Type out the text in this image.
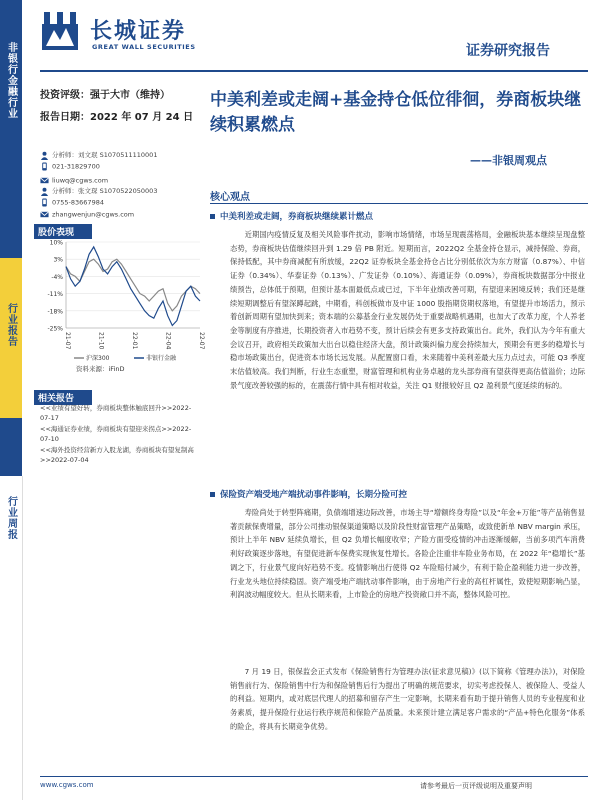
非银行金融行业
行业报告
行业周报
长城证券
GREAT WALL SECURITIES	证券研究报告
投资评级：强于大市（维持）
报告日期：2022 年 07 月 24 日
分析师：刘文珉 S1070511110001
021-31829700
liuwq@cgws.com
分析师：张文琛 S1070522050003
0755-83667984
zhangwenjun@cgws.com
股价表现
10%
3%
-4%
-11%
-18%
-25%
21-07	21-10	22-01	22-04	22-07
沪深300	非银行金融
资料来源：iFinD
相关报告
<<业绩有望好转，券商板块整体触底回升>>2022-07-17
<<海通证券业绩，券商板块有望迎来拐点>>2022-07-10
<<海外投资经营新方入股龙湖，券商板块有望复制高>>2022-07-04
中美利差或走阔+基金持仓低位徘徊，券商板块继续积累燃点
——非银周观点
核心观点
中美利差或走阔，券商板块继续累计燃点
近期国内疫情反复及相关风险事件扰动，影响市场情绪，市场呈现震荡格局，金融板块基本继续呈现盘整态势，券商板块估值继续回升到 1.29 倍 PB 附近。短期而言，2022Q2 全基金持仓显示，减持保险、券商，保持低配，其中券商减配有所放缓，22Q2 证券板块全基金持仓占比分别低依次为东方财富（0.87%）、中信证券（0.34%）、华泰证券（0.13%）、广发证券（0.10%）、海通证券（0.09%），券商板块数据部分中报业绩预告，总体低于预期，但预计基本面最低点或已过，下半年业绩改善可期，有望迎来困境反转；我们还是继续短期调整后有望深蹲起跳，中期看，科创板做市及中证 1000 股指期货期权落地，有望提升市场活力，预示着创新周期有望加快到来；资本端的公募基金行业发展仍处于重要战略机遇期，也加大了改革力度，个人养老金等制度有序推进，长期投资者入市趋势不变，预计后续会有更多支持政策出台。此外，我们认为今年有重大会议召开，政府相关政策加大出台以稳住经济大盘，预计政策纠偏力度会持续加大，预期会有更多的稳增长与稳市场政策出台，促进资本市场长远发展。从配置窗口看，未来随着中美利差最大压力点过去，可能 Q3 季度末估值较高。我们判断，行业生态重塑，财富管理和机构业务卓越的龙头部券商有望获得更高估值溢价；边际景气度改善较强的标的，在震荡行情中具有相对收益，关注 Q1 财报较好且 Q2 盈利景气度延续的标的。
保险资产端受地产端扰动事件影响，长期分险可控
寿险尚处于转型阵痛期，负债端增速边际改善，市场主导“增额终身寿险”以及“年金+万能”等产品销售显著贡献保费增量，部分公司推动银保渠道策略以及阶段性财富管理产品策略，或致使新单 NBV margin 承压，预计上半年 NBV 延续负增长，但 Q2 负增长幅度收窄；产险方面受疫情的冲击逐渐缓解，当前多项汽车消费利好政策逐步落地，有望促进新车保费实现恢复性增长。各险企注重非车险业务布局，在 2022 年“稳增长”基调之下，行业景气度向好趋势不变。疫情影响出行使得 Q2 车险赔付减少，有利于险企盈利能力进一步改善，行业龙头地位持续稳固。资产端受地产端扰动事件影响，由于房地产行业的高杠杆属性，致使短期影响凸显，利润波动幅度较大。但从长期来看，上市险企的房地产投资敞口并不高，整体风险可控。
7 月 19 日，银保监会正式发布《保险销售行为管理办法(征求意见稿)》(以下简称《管理办法》)，对保险销售前行为、保险销售中行为和保险销售后行为提出了明确的规范要求，切实考虑投保人、被保险人、受益人的利益。短期内，或对底层代理人的招募和留存产生一定影响，长期来看有助于提升销售人员的专业程度和业务素质，提升保险行业运行秩序规范和保险产品质量。未来预计建立满足客户需求的“产品+特色化服务”体系的险企，将具有长期竞争优势。
www.cgws.com	请参考最后一页评级说明及重要声明
